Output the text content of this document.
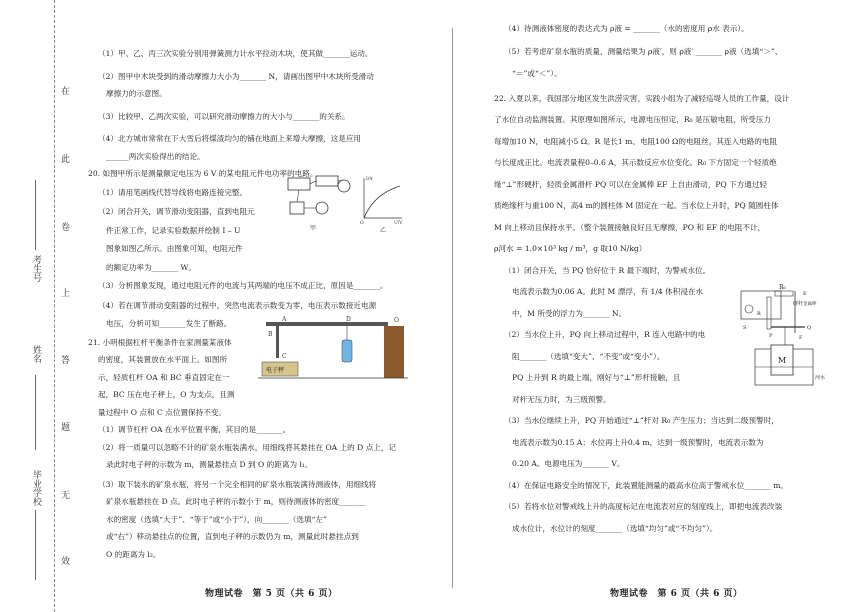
在
此
卷
上
答
题
无
效
考生号
姓名
毕业学校

（1）甲、乙、丙三次实验分别用弹簧测力计水平拉动木块，使其做_______运动。

（2）图甲中木块受到的滑动摩擦力大小为_______ N，请画出图甲中木块所受滑动

摩擦力的示意图。

（3）比较甲、乙两次实验，可以研究滑动摩擦力的大小与_______的关系。

（4）北方城市常常在下大雪后将煤渣均匀的铺在地面上来增大摩擦，这是应用

______两次实验得出的结论。

20. 如图甲所示是测量额定电压为 6 V 的某电阻元件电功率的电路。

（1）请用笔画线代替导线将电路连接完整。

（2）闭合开关，调节滑动变阻器，直到电阻元

件正常工作，记录实验数据并绘制 I – U

图象如图乙所示。由图象可知，电阻元件

的额定功率为_______ W。

（3）分析图象发现，通过电阻元件的电流与其两端的电压不成正比，原因是_______。

（4）若在调节滑动变阻器的过程中，突然电流表示数变为零，电压表示数接近电源

电压，分析可知_______发生了断路。

21. 小明根据杠杆平衡条件在家测量某液体

的密度，其装置放在水平面上。如图所

示，轻质杠杆 OA 和 BC 垂直固定在一

起，BC 压在电子秤上，O 为支点，且测

量过程中 O 点和 C 点位置保持不变。

（1）调节杠杆 OA 在水平位置平衡，其目的是_______。

（2）将一质量可以忽略不计的矿泉水瓶装满水，用细线将其悬挂在 OA 上的 D 点上，记

录此时电子秤的示数为 m，测量悬挂点 D 到 O 的距离为 l₁。

（3）取下装水的矿泉水瓶，将另一个完全相同的矿泉水瓶装满待测液体，用细线将

矿泉水瓶悬挂在 D 点。此时电子秤的示数小于 m，则待测液体的密度_______

水的密度（选填“大于”、“等于”或“小于”），向_______（选填“左”

或“右”）移动悬挂点的位置，直到电子秤的示数仍为 m，测量此时悬挂点到

O 的距离为 l₂。

甲
I/A
U/V
O
乙
A	D	O
B
C
电子秤

（4）待测液体密度的表达式为 ρ液 = _______（水的密度用 ρ水 表示）。

（5）若考虑矿泉水瓶的质量，测量结果为 ρ液′，则 ρ液′ _______ ρ液（选填“＞”、

“＝”或“＜”）。

22. 入夏以来，我国部分地区发生洪涝灾害，实践小组为了减轻巡堤人员的工作量，设计

了水位自动监测装置。其原理如图所示，电源电压恒定，R₀ 是压敏电阻，所受压力

每增加10 N，电阻减小5 Ω。R 是长1 m、电阻100 Ω的电阻丝，其连入电路的电阻

与长度成正比。电流表量程0–0.6 A，其示数反应水位变化。R₀ 下方固定一个轻质绝

缘“⊥”形硬杆，轻质金属滑杆 PQ 可以在金属棒 EF 上自由滑动，PQ 下方通过轻

质绝缘杆与重100 N，高4 m的圆柱体 M 固定在一起。当水位上升时，PQ 随圆柱体

M 向上移动且保持水平。（整个装置接触良好且无摩擦，PO 和 EF 的电阻不计，

ρ河水 = 1.0×10³ kg / m³，g 取10 N/kg）

（1）闭合开关，当 PQ 恰好位于 R 最下端时，为警戒水位。

电流表示数为0.06 A。此时 M 漂浮，有 1/4 体积浸在水

中，M 所受的浮力为_______ N。

（2）当水位上升，PQ 向上移动过程中，R 连入电路中的电

阻_______（选填“变大”、“不变”或“变小”）。

PQ 上升到 R 的最上端，刚好与“⊥”形杆接触，且

对杆无压力时，为三级预警。

（3）当水位继续上升，PQ 开始通过“⊥”杆对 R₀ 产生压力；当达到二级预警时，

电流表示数为0.15 A；水位再上升0.4 m，达到一级预警时，电流表示数为

0.20 A。电源电压为_______ V。

（4）在保证电路安全的情况下，此装置能测量的最高水位高于警戒水位_______ m。

（5）若将水位对警戒线上升的高度标记在电流表对应的刻度线上，即把电流表改装

成水位计，水位计的刻度_______（选填“均匀”或“不均匀”）。

R₀
硬杆
E
金属棒
R
P
Q
F
S
M
河水
物理试卷　第 5 页（共 6 页）	物理试卷　第 6 页（共 6 页）
